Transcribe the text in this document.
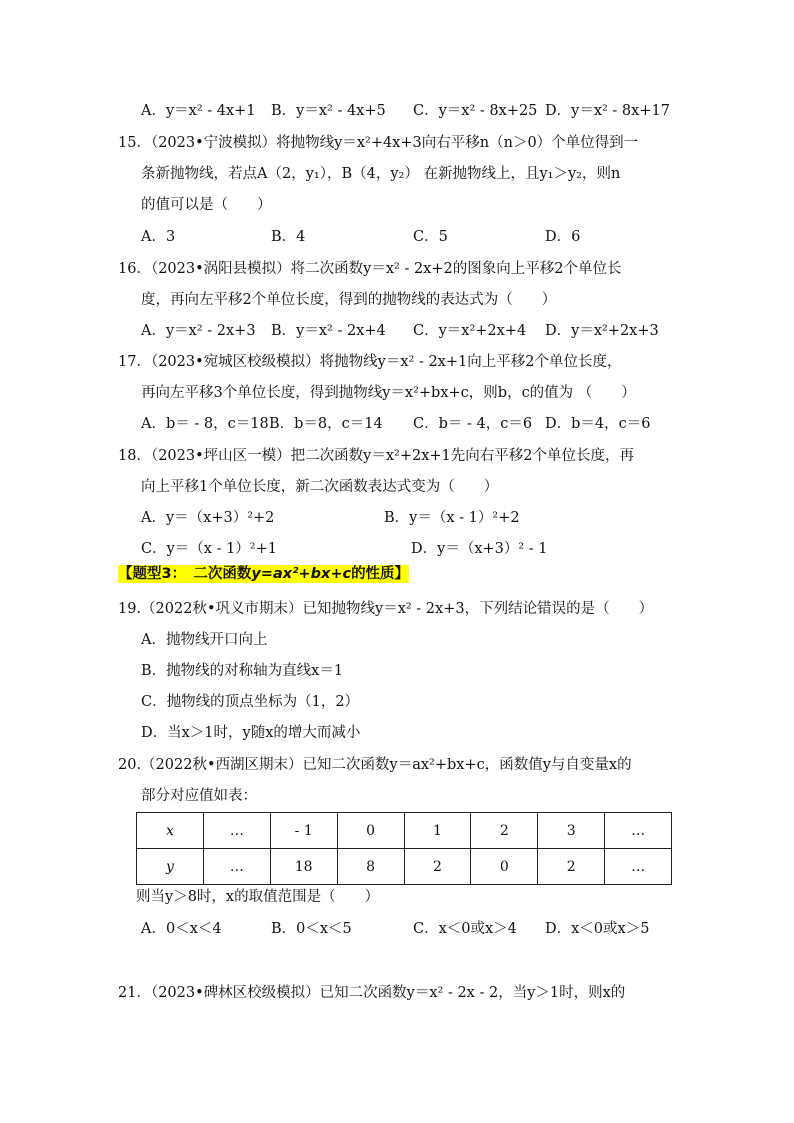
A．y＝x² - 4x+1 B．y＝x² - 4x+5 C．y＝x² - 8x+25 D．y＝x² - 8x+17
15．（2023•宁波模拟）将抛物线y＝x²+4x+3向右平移n（n＞0）个单位得到一
条新抛物线，若点A（2，y₁），B（4，y₂） 在新抛物线上，且y₁＞y₂，则n
的值可以是（　　）
A．3	B．4	C．5	D．6
16．（2023•涡阳县模拟）将二次函数y＝x² - 2x+2的图象向上平移2个单位长
度，再向左平移2个单位长度，得到的抛物线的表达式为（　　）
A．y＝x² - 2x+3 B．y＝x² - 2x+4 C．y＝x²+2x+4 D．y＝x²+2x+3
17．（2023•宛城区校级模拟）将抛物线y＝x² - 2x+1向上平移2个单位长度，
再向左平移3个单位长度，得到抛物线y＝x²+bx+c，则b，c的值为 （　　）
A．b＝ - 8，c＝18 B．b＝8，c＝14 C．b＝ - 4，c＝6 D．b＝4，c＝6
18．（2023•坪山区一模）把二次函数y＝x²+2x+1先向右平移2个单位长度，再
向上平移1个单位长度，新二次函数表达式变为（　　）
A．y＝（x+3）²+2	B．y＝（x - 1）²+2
C．y＝（x - 1）²+1	D．y＝（x+3）² - 1
【题型3：　二次函数y=ax²+bx+c的性质】
19.（2022秋•巩义市期末）已知抛物线y＝x² - 2x+3，下列结论错误的是（　　）
A．抛物线开口向上
B．抛物线的对称轴为直线x＝1
C．抛物线的顶点坐标为（1，2）
D．当x＞1时，y随x的增大而减小
20.（2022秋•西湖区期末）已知二次函数y＝ax²+bx+c，函数值y与自变量x的
部分对应值如表：
x	…	- 1	0	1	2	3	…
y	…	18	8	2	0	2	…
则当y＞8时，x的取值范围是（　　）
A．0＜x＜4	B．0＜x＜5	C．x＜0或x＞4 D．x＜0或x＞5
21．（2023•碑林区校级模拟）已知二次函数y＝x² - 2x - 2，当y＞1时，则x的
